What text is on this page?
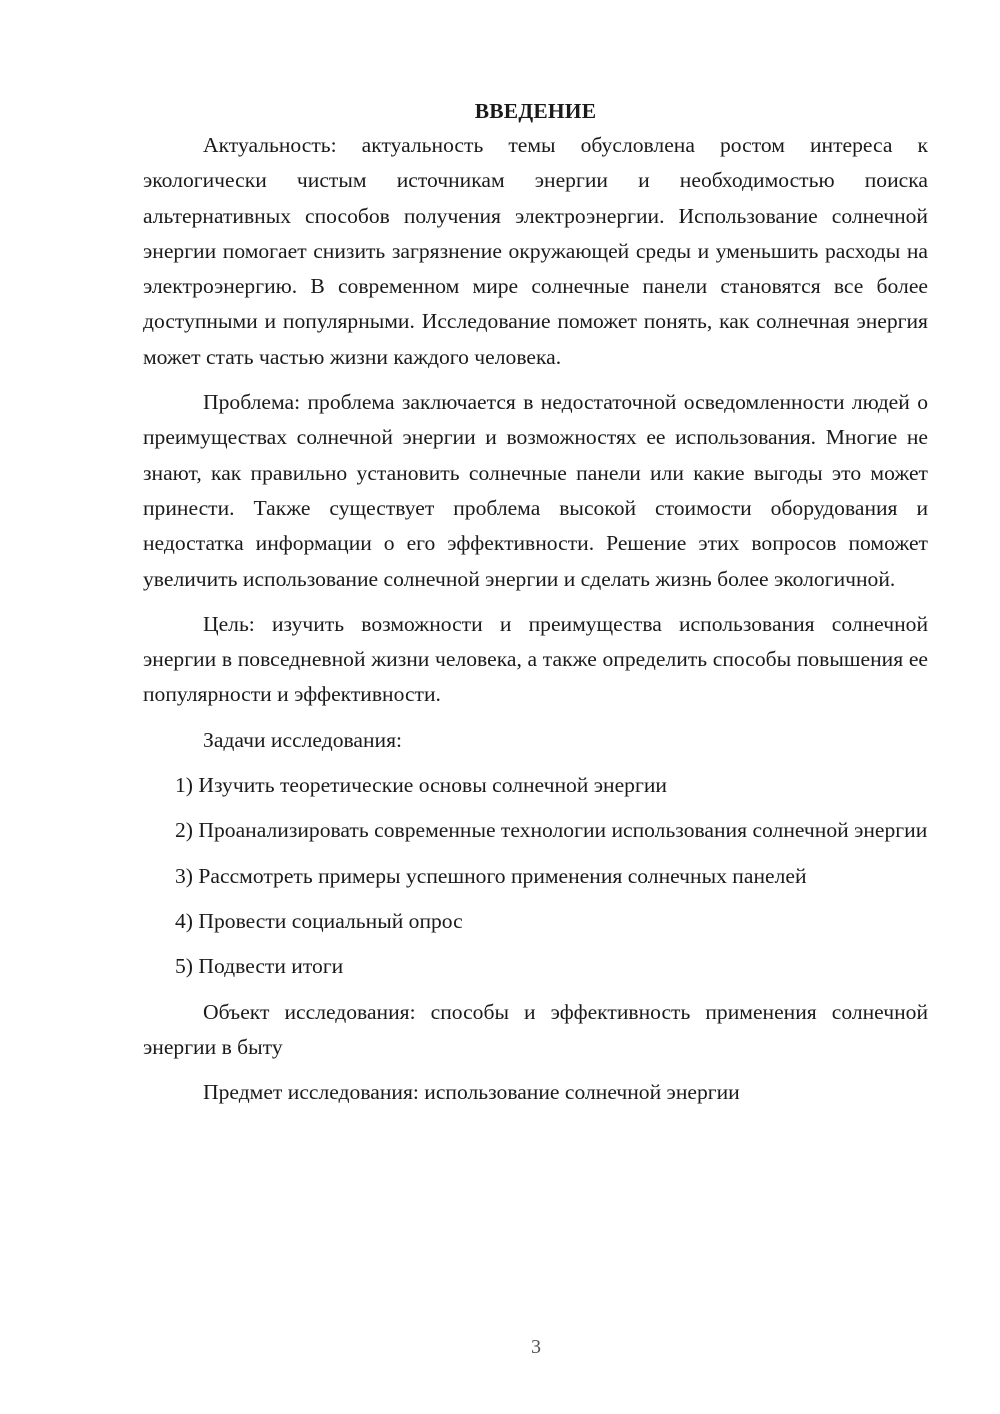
ВВЕДЕНИЕ

Актуальность: актуальность темы обусловлена ростом интереса к экологически чистым источникам энергии и необходимостью поиска альтернативных способов получения электроэнергии. Использование солнечной энергии помогает снизить загрязнение окружающей среды и уменьшить расходы на электроэнергию. В современном мире солнечные панели становятся все более доступными и популярными. Исследование поможет понять, как солнечная энергия может стать частью жизни каждого человека.

Проблема: проблема заключается в недостаточной осведомленности людей о преимуществах солнечной энергии и возможностях ее использования. Многие не знают, как правильно установить солнечные панели или какие выгоды это может принести. Также существует проблема высокой стоимости оборудования и недостатка информации о его эффективности. Решение этих вопросов поможет увеличить использование солнечной энергии и сделать жизнь более экологичной.

Цель: изучить возможности и преимущества использования солнечной энергии в повседневной жизни человека, а также определить способы повышения ее популярности и эффективности.

Задачи исследования:

1) Изучить теоретические основы солнечной энергии

2) Проанализировать современные технологии использования солнечной энергии

3) Рассмотреть примеры успешного применения солнечных панелей

4) Провести социальный опрос

5) Подвести итоги

Объект исследования: способы и эффективность применения солнечной энергии в быту

Предмет исследования: использование солнечной энергии

3
